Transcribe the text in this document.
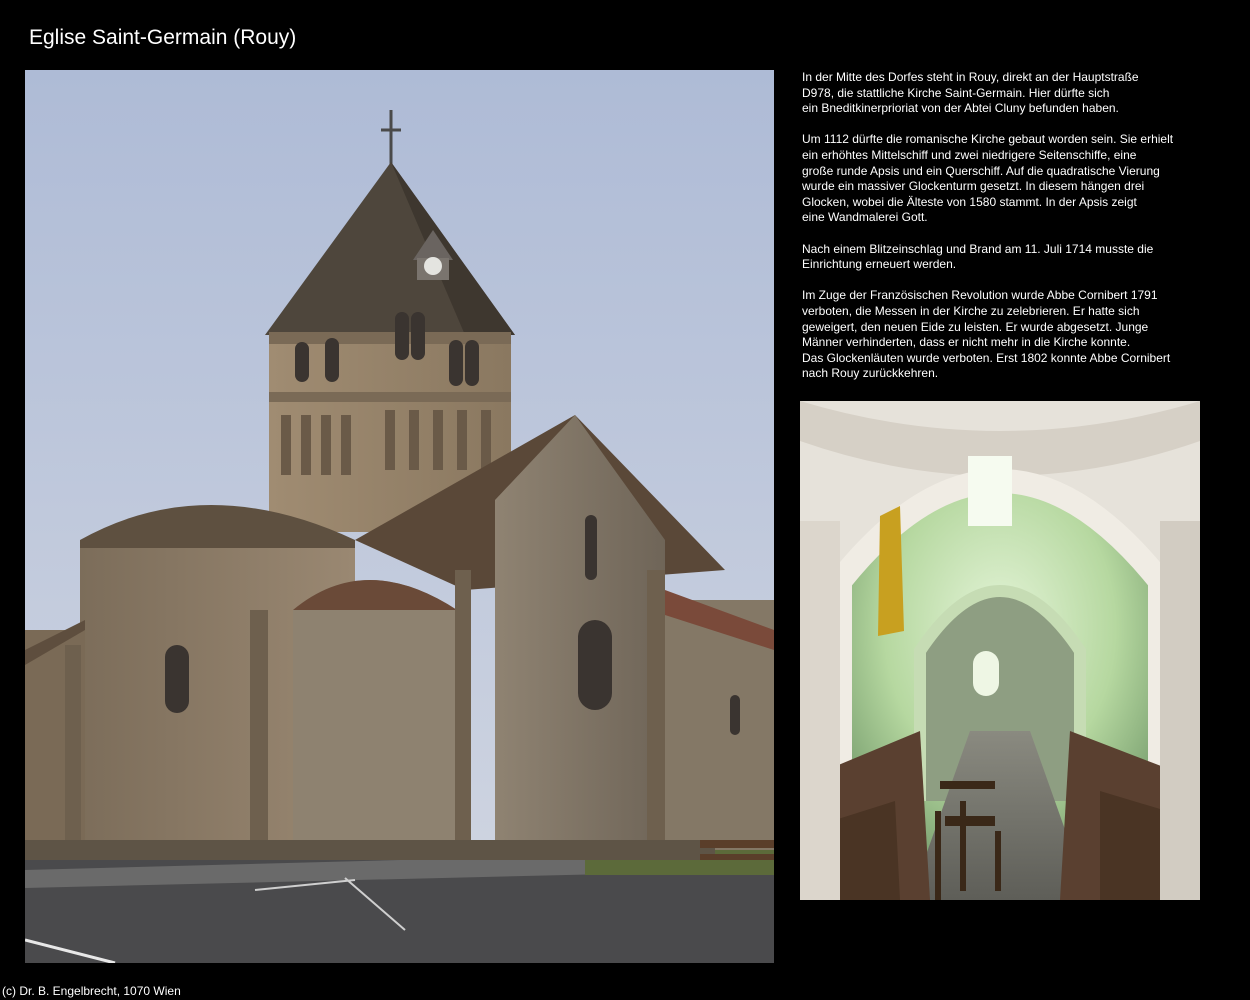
Eglise Saint-Germain (Rouy)

In der Mitte des Dorfes steht in Rouy, direkt an der Hauptstraße
D978, die stattliche Kirche Saint-Germain. Hier dürfte sich
ein Bneditkinerprioriat von der Abtei Cluny befunden haben.

Um 1112 dürfte die romanische Kirche gebaut worden sein. Sie erhielt
ein erhöhtes Mittelschiff und zwei niedrigere Seitenschiffe, eine
große runde Apsis und ein Querschiff. Auf die quadratische Vierung
wurde ein massiver Glockenturm gesetzt. In diesem hängen drei
Glocken, wobei die Älteste von 1580 stammt. In der Apsis zeigt
eine Wandmalerei Gott.

Nach einem Blitzeinschlag und Brand am 11. Juli 1714 musste die
Einrichtung erneuert werden.

Im Zuge der Französischen Revolution wurde Abbe Cornibert 1791
verboten, die Messen in der Kirche zu zelebrieren. Er hatte sich
geweigert, den neuen Eide zu leisten. Er wurde abgesetzt. Junge
Männer verhinderten, dass er nicht mehr in die Kirche konnte.
Das Glockenläuten wurde verboten. Erst 1802 konnte Abbe Cornibert
nach Rouy zurückkehren.

(c) Dr. B. Engelbrecht, 1070 Wien
